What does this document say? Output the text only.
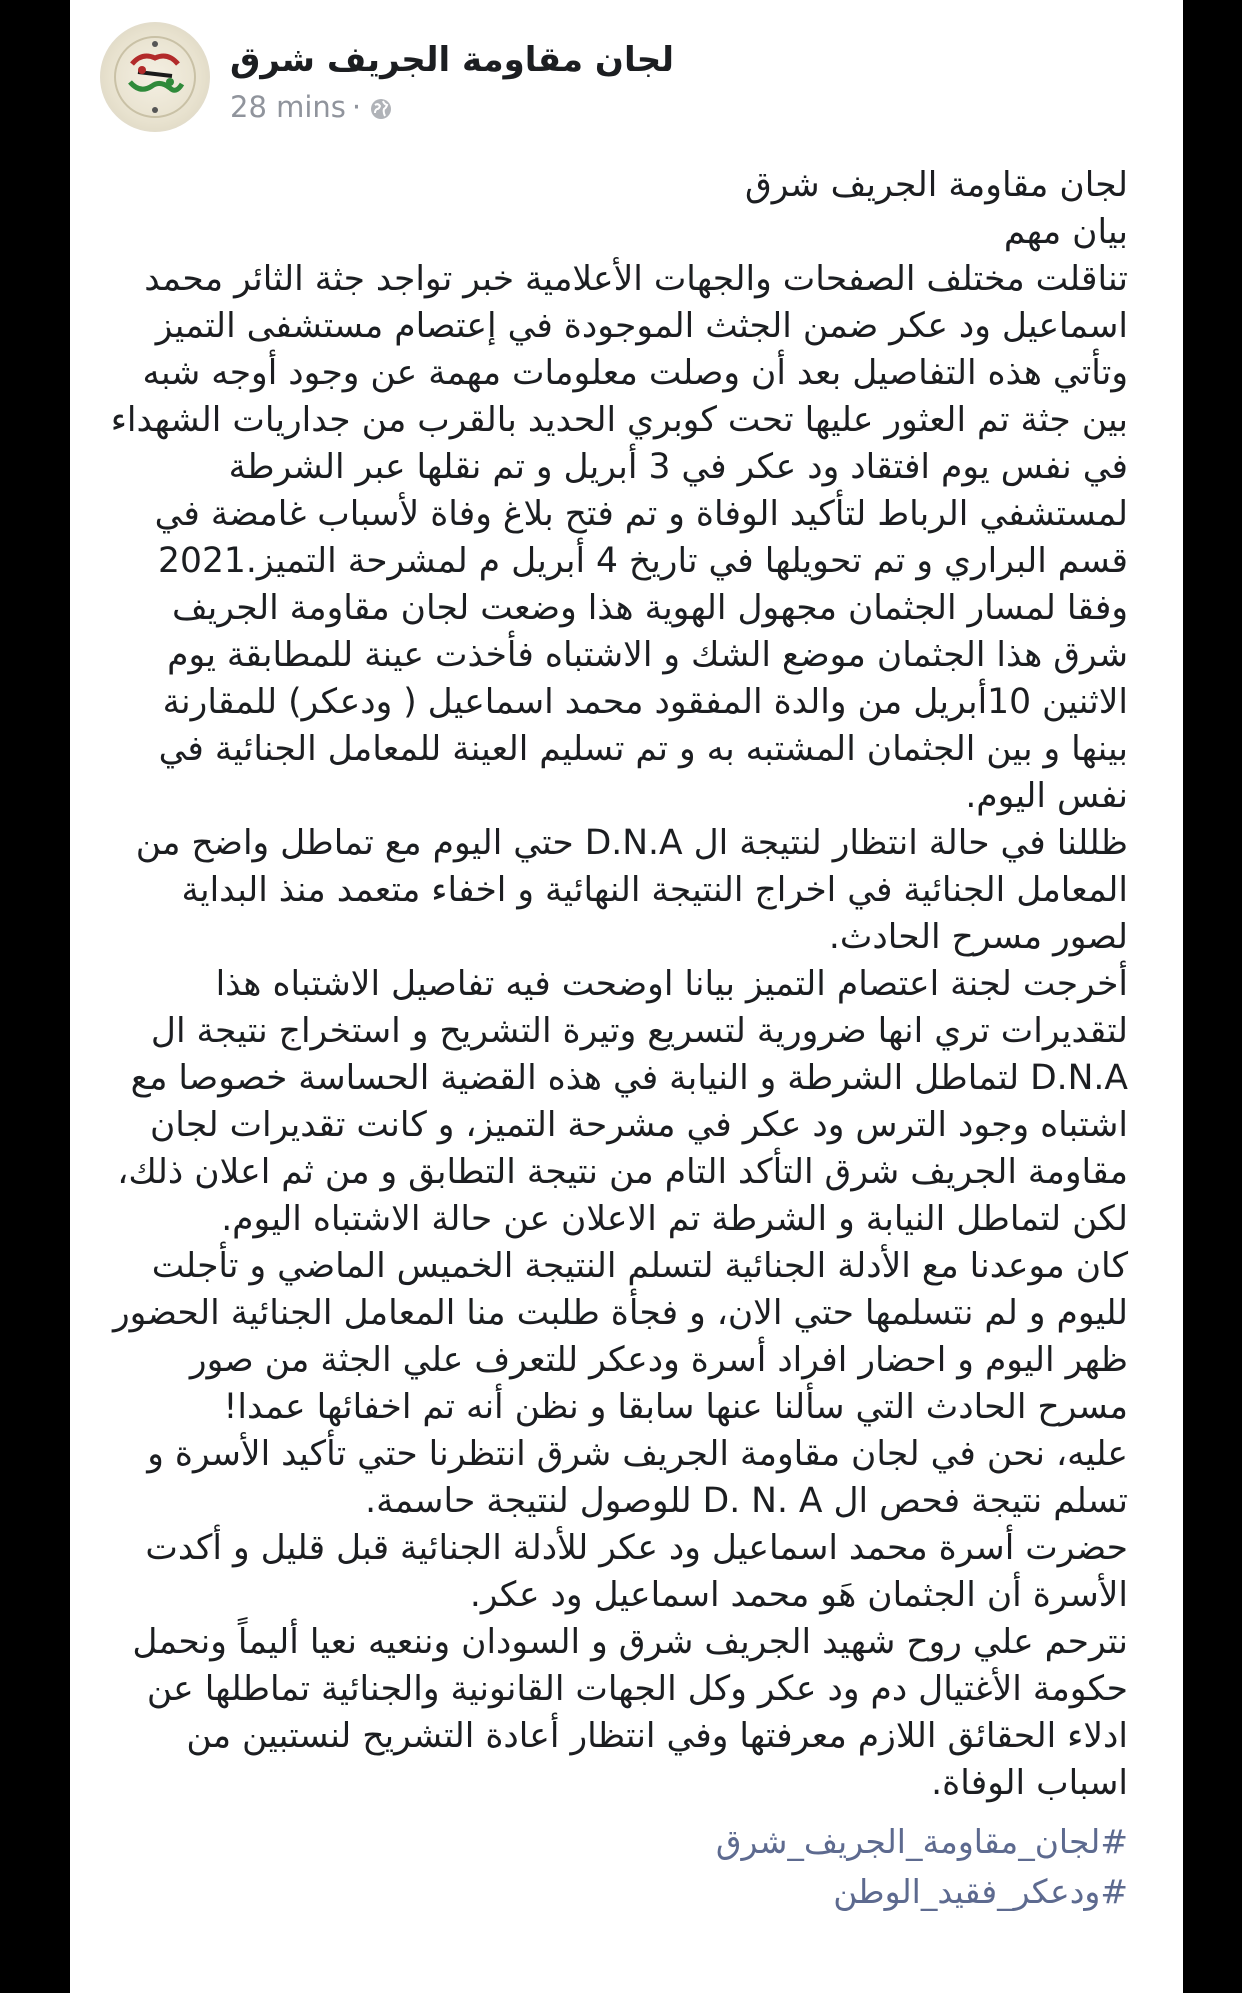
لجان مقاومة الجريف شرق
28 mins ·

لجان مقاومة الجريف شرق

بيان مهم

تناقلت مختلف الصفحات والجهات الأعلامية خبر تواجد جثة الثائر محمد اسماعيل ود عكر ضمن الجثث الموجودة في إعتصام مستشفى التميز وتأتي هذه التفاصيل بعد أن وصلت معلومات مهمة عن وجود أوجه شبه بين جثة تم العثور عليها تحت كوبري الحديد بالقرب من جداريات الشهداء في نفس يوم افتقاد ود عكر في 3 أبريل و تم نقلها عبر الشرطة لمستشفي الرباط لتأكيد الوفاة و تم فتح بلاغ وفاة لأسباب غامضة في قسم البراري و تم تحويلها في تاريخ 4 أبريل م لمشرحة التميز.2021

وفقا لمسار الجثمان مجهول الهوية هذا وضعت لجان مقاومة الجريف شرق هذا الجثمان موضع الشك و الاشتباه فأخذت عينة للمطابقة يوم الاثنين 10أبريل من والدة المفقود محمد اسماعيل ( ودعكر) للمقارنة بينها و بين الجثمان المشتبه به و تم تسليم العينة للمعامل الجنائية في نفس اليوم.

ظللنا في حالة انتظار لنتيجة ال D.N.A حتي اليوم مع تماطل واضح من المعامل الجنائية في اخراج النتيجة النهائية و اخفاء متعمد منذ البداية لصور مسرح الحادث.

أخرجت لجنة اعتصام التميز بيانا اوضحت فيه تفاصيل الاشتباه هذا لتقديرات تري انها ضرورية لتسريع وتيرة التشريح و استخراج نتيجة ال D.N.A لتماطل الشرطة و النيابة في هذه القضية الحساسة خصوصا مع اشتباه وجود الترس ود عكر في مشرحة التميز، و كانت تقديرات لجان مقاومة الجريف شرق التأكد التام من نتيجة التطابق و من ثم اعلان ذلك، لكن لتماطل النيابة و الشرطة تم الاعلان عن حالة الاشتباه اليوم.

كان موعدنا مع الأدلة الجنائية لتسلم النتيجة الخميس الماضي و تأجلت لليوم و لم نتسلمها حتي الان، و فجأة طلبت منا المعامل الجنائية الحضور ظهر اليوم و احضار افراد أسرة ودعكر للتعرف علي الجثة من صور مسرح الحادث التي سألنا عنها سابقا و نظن أنه تم اخفائها عمدا!

عليه، نحن في لجان مقاومة الجريف شرق انتظرنا حتي تأكيد الأسرة و تسلم نتيجة فحص ال D. N. A للوصول لنتيجة حاسمة.

حضرت أسرة محمد اسماعيل ود عكر للأدلة الجنائية قبل قليل و أكدت الأسرة أن الجثمان هَو محمد اسماعيل ود عكر.

نترحم علي روح شهيد الجريف شرق و السودان وننعيه نعيا أليماً ونحمل حكومة الأغتيال دم ود عكر وكل الجهات القانونية والجنائية تماطلها عن ادلاء الحقائق اللازم معرفتها وفي انتظار أعادة التشريح لنستبين من اسباب الوفاة.

#لجان_مقاومة_الجريف_شرق
#ودعكر_فقيد_الوطن
